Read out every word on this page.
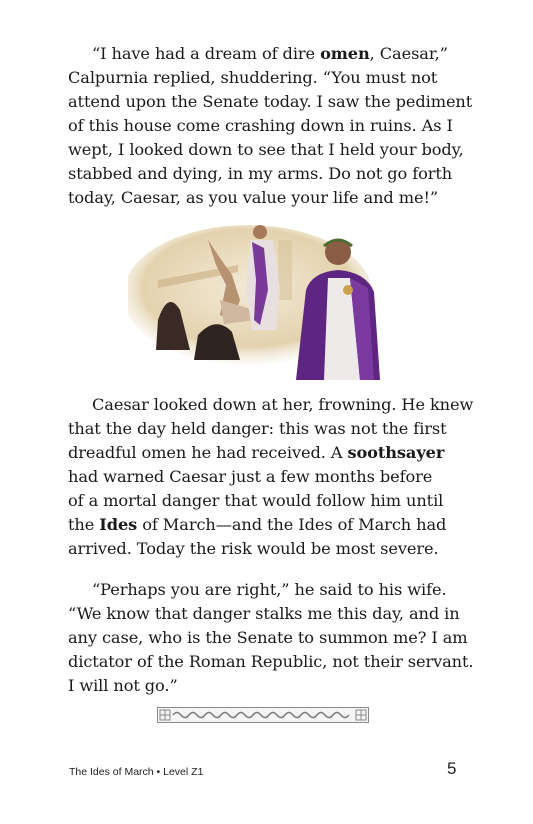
“I have had a dream of dire omen, Caesar,”
Calpurnia replied, shuddering. “You must not
attend upon the Senate today. I saw the pediment
of this house come crashing down in ruins. As I
wept, I looked down to see that I held your body,
stabbed and dying, in my arms. Do not go forth
today, Caesar, as you value your life and me!”
Caesar looked down at her, frowning. He knew
that the day held danger: this was not the first
dreadful omen he had received. A soothsayer
had warned Caesar just a few months before
of a mortal danger that would follow him until
the Ides of March—and the Ides of March had
arrived. Today the risk would be most severe.
“Perhaps you are right,” he said to his wife.
“We know that danger stalks me this day, and in
any case, who is the Senate to summon me? I am
dictator of the Roman Republic, not their servant.
I will not go.”
The Ides of March • Level Z1	5
